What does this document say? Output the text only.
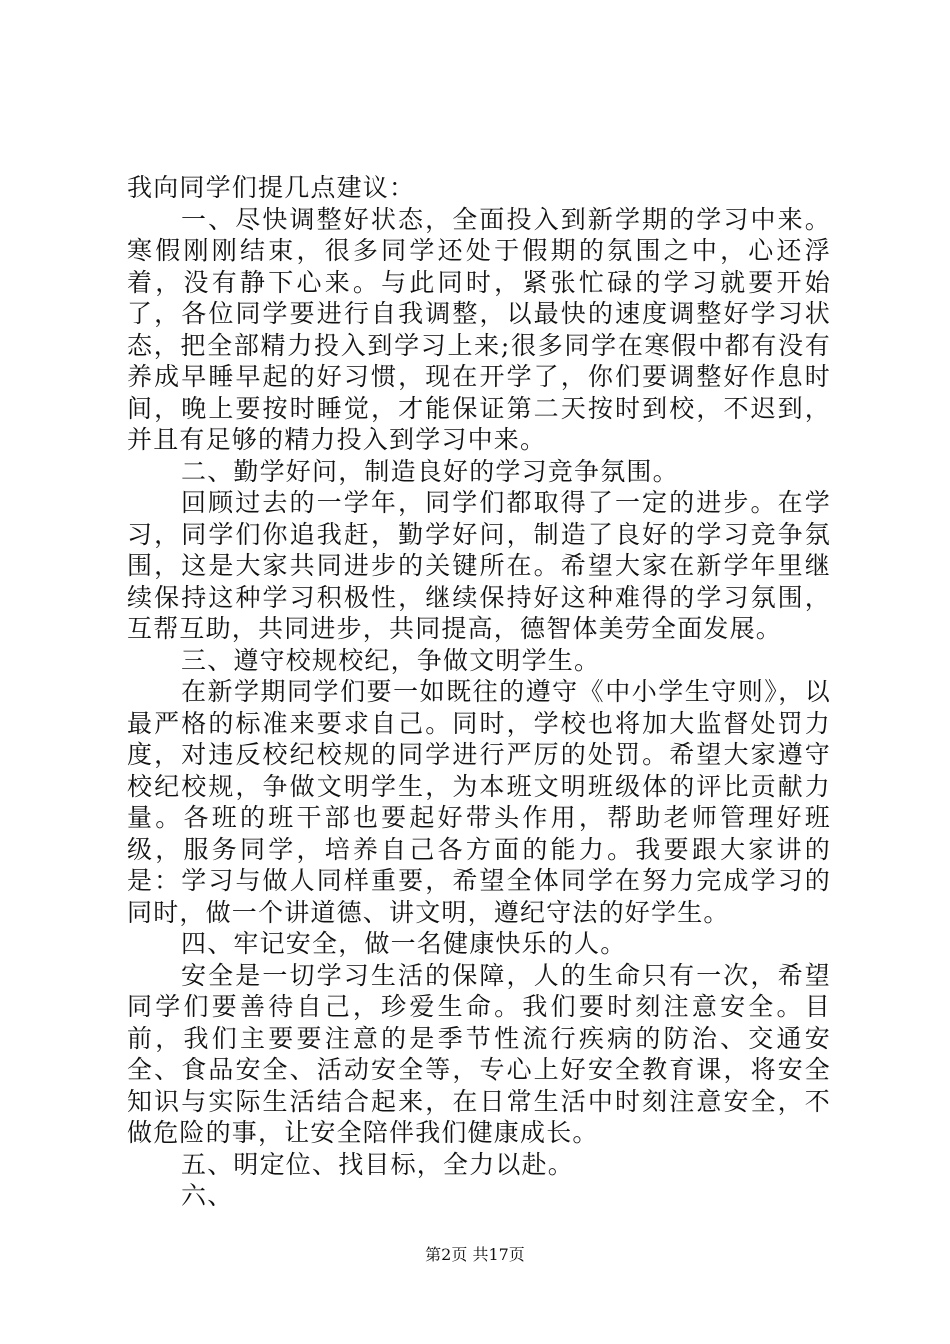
我向同学们提几点建议：

一、尽快调整好状态，全面投入到新学期的学习中来。寒假刚刚结束，很多同学还处于假期的氛围之中，心还浮着，没有静下心来。与此同时，紧张忙碌的学习就要开始了，各位同学要进行自我调整，以最快的速度调整好学习状态，把全部精力投入到学习上来;很多同学在寒假中都有没有养成早睡早起的好习惯，现在开学了，你们要调整好作息时间，晚上要按时睡觉，才能保证第二天按时到校，不迟到，并且有足够的精力投入到学习中来。

二、勤学好问，制造良好的学习竞争氛围。

回顾过去的一学年，同学们都取得了一定的进步。在学习，同学们你追我赶，勤学好问，制造了良好的学习竞争氛围，这是大家共同进步的关键所在。希望大家在新学年里继续保持这种学习积极性，继续保持好这种难得的学习氛围，互帮互助，共同进步，共同提高，德智体美劳全面发展。

三、遵守校规校纪，争做文明学生。

在新学期同学们要一如既往的遵守《中小学生守则》，以最严格的标准来要求自己。同时，学校也将加大监督处罚力度，对违反校纪校规的同学进行严厉的处罚。希望大家遵守校纪校规，争做文明学生，为本班文明班级体的评比贡献力量。各班的班干部也要起好带头作用，帮助老师管理好班级，服务同学，培养自己各方面的能力。我要跟大家讲的是：学习与做人同样重要，希望全体同学在努力完成学习的同时，做一个讲道德、讲文明，遵纪守法的好学生。

四、牢记安全，做一名健康快乐的人。

安全是一切学习生活的保障，人的生命只有一次，希望同学们要善待自己，珍爱生命。我们要时刻注意安全。目前，我们主要要注意的是季节性流行疾病的防治、交通安全、食品安全、活动安全等，专心上好安全教育课，将安全知识与实际生活结合起来，在日常生活中时刻注意安全，不做危险的事，让安全陪伴我们健康成长。

五、明定位、找目标，全力以赴。

六、

第2页 共17页
